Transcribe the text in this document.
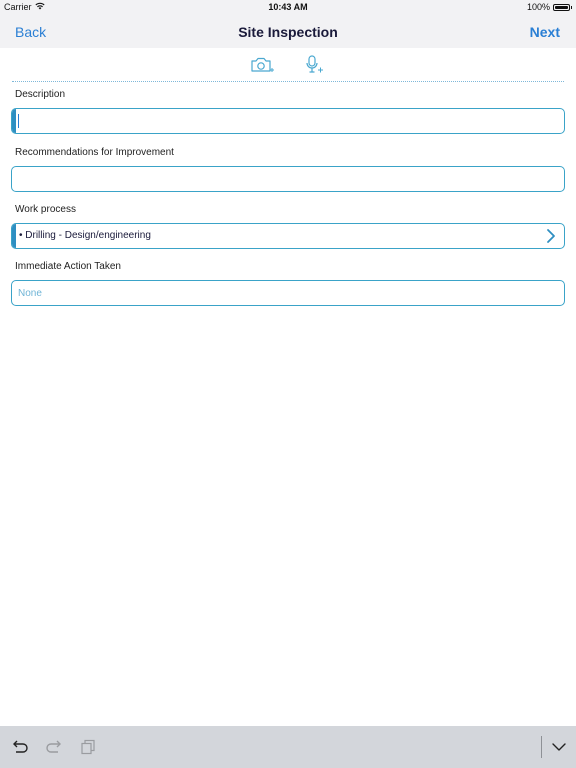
Carrier	10:43 AM	100%
Back	Site Inspection	Next
Description
Recommendations for Improvement
Work process
• Drilling - Design/engineering
Immediate Action Taken
None
